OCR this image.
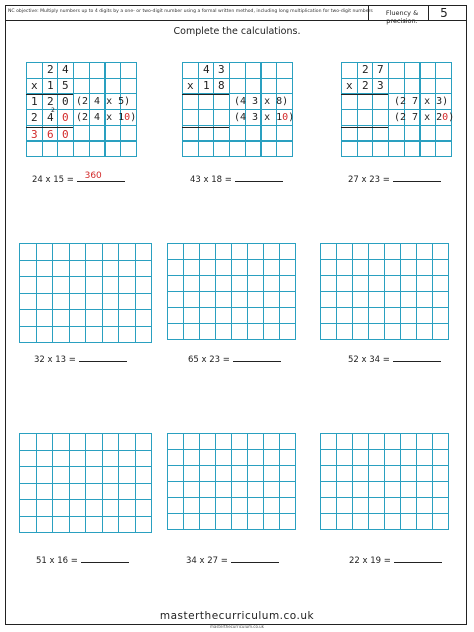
NC objective: Multiply numbers up to 4 digits by a one- or two-digit number using a formal written method, including long multiplication for two-digit numbers	Fluency & precision.
5
Complete the calculations.
2 4
x 1 5
1 2 0
2
2 4 0
3 6 0
(2 4 x 5)
(2 4 x 10)
4 3
x 1 8
(4 3 x 8)
(4 3 x 10)
2 7
x 2 3
(2 7 x 3)
(2 7 x 20)
24 x 15 = 360	43 x 18 =	27 x 23 =
32 x 13 =	65 x 23 =	52 x 34 =
51 x 16 =	34 x 27 =	22 x 19 =
masterthecurriculum.co.uk
masterthecurriculum.co.uk
